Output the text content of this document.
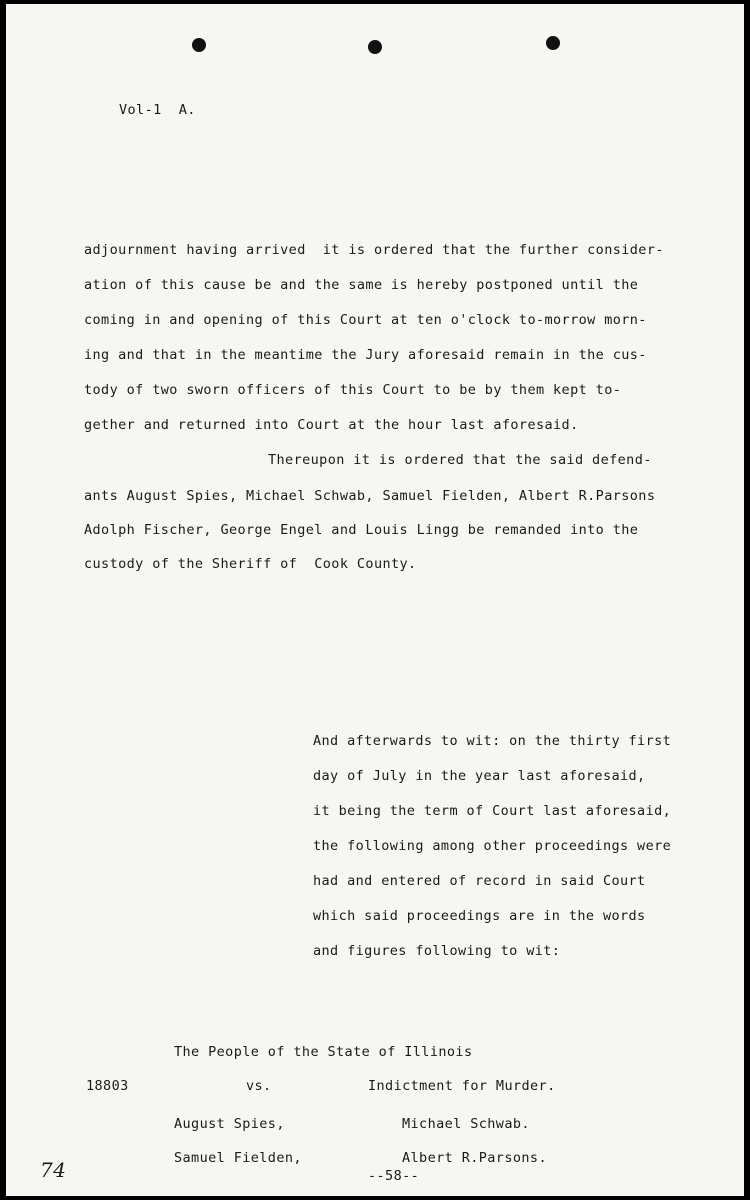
Vol-1  A.
adjournment having arrived  it is ordered that the further consider-
ation of this cause be and the same is hereby postponed until the
coming in and opening of this Court at ten o'clock to-morrow morn-
ing and that in the meantime the Jury aforesaid remain in the cus-
tody of two sworn officers of this Court to be by them kept to-
gether and returned into Court at the hour last aforesaid.
Thereupon it is ordered that the said defend-
ants August Spies, Michael Schwab, Samuel Fielden, Albert R.Parsons
Adolph Fischer, George Engel and Louis Lingg be remanded into the
custody of the Sheriff of  Cook County.
And afterwards to wit: on the thirty first
day of July in the year last aforesaid,
it being the term of Court last aforesaid,
the following among other proceedings were
had and entered of record in said Court
which said proceedings are in the words
and figures following to wit:
The People of the State of Illinois
18803	vs.	Indictment for Murder.
August Spies,	Michael Schwab.
Samuel Fielden,	Albert R.Parsons.
--58--
74
